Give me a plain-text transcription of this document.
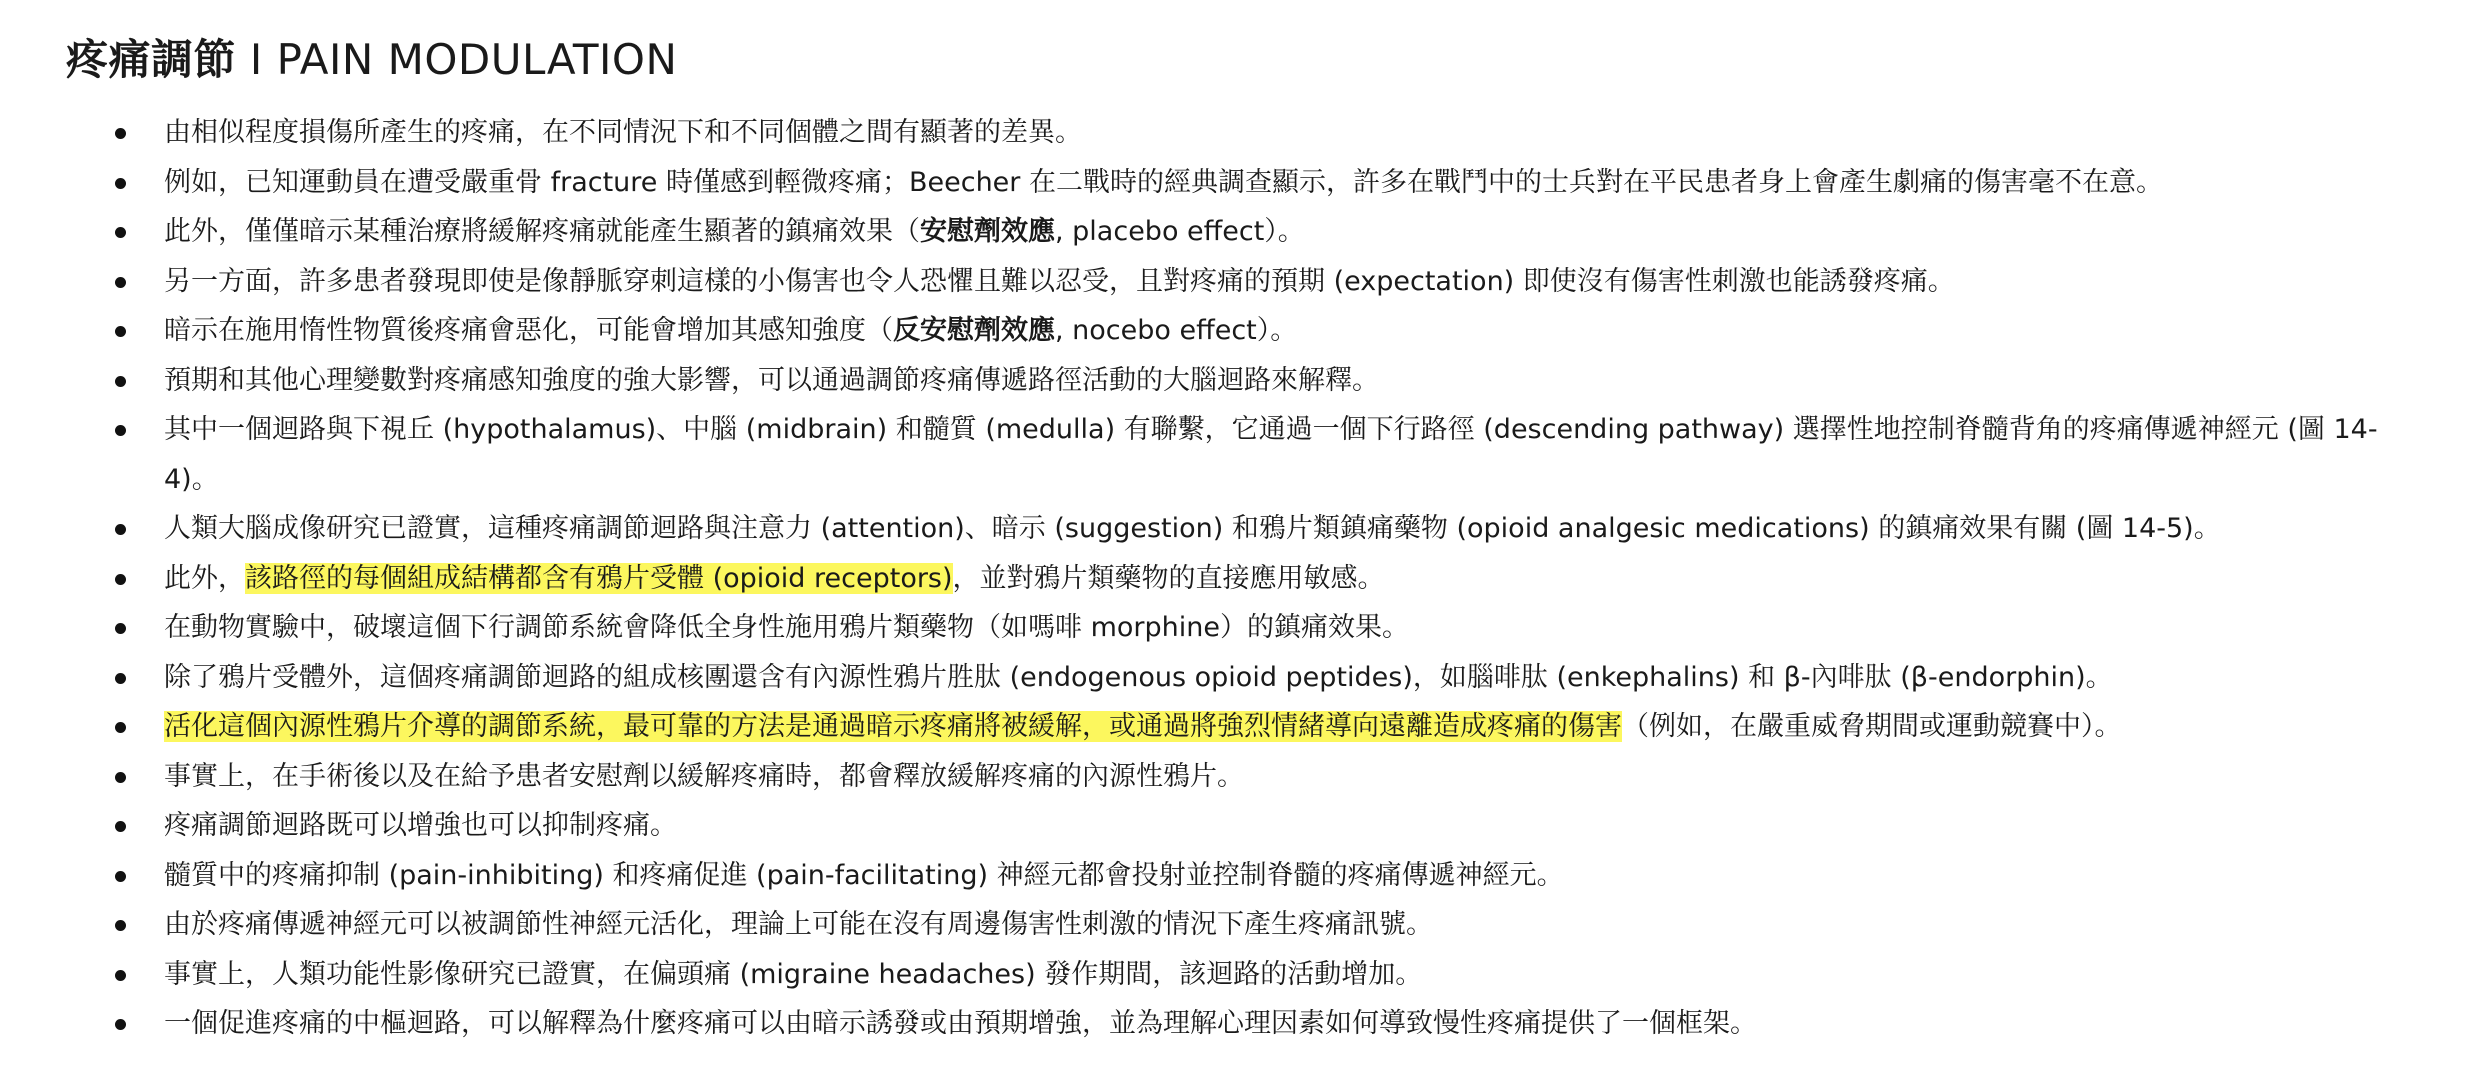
疼痛調節 I PAIN MODULATION
由相似程度損傷所產生的疼痛，在不同情況下和不同個體之間有顯著的差異。
例如，已知運動員在遭受嚴重骨 fracture 時僅感到輕微疼痛；Beecher 在二戰時的經典調查顯示，許多在戰鬥中的士兵對在平民患者身上會產生劇痛的傷害毫不在意。
此外，僅僅暗示某種治療將緩解疼痛就能產生顯著的鎮痛效果（安慰劑效應, placebo effect）。
另一方面，許多患者發現即使是像靜脈穿刺這樣的小傷害也令人恐懼且難以忍受，且對疼痛的預期 (expectation) 即使沒有傷害性刺激也能誘發疼痛。
暗示在施用惰性物質後疼痛會惡化，可能會增加其感知強度（反安慰劑效應, nocebo effect）。
預期和其他心理變數對疼痛感知強度的強大影響，可以通過調節疼痛傳遞路徑活動的大腦迴路來解釋。
其中一個迴路與下視丘 (hypothalamus)、中腦 (midbrain) 和髓質 (medulla) 有聯繫，它通過一個下行路徑 (descending pathway) 選擇性地控制脊髓背角的疼痛傳遞神經元 (圖 14-4)。
人類大腦成像研究已證實，這種疼痛調節迴路與注意力 (attention)、暗示 (suggestion) 和鴉片類鎮痛藥物 (opioid analgesic medications) 的鎮痛效果有關 (圖 14-5)。
此外，該路徑的每個組成結構都含有鴉片受體 (opioid receptors)，並對鴉片類藥物的直接應用敏感。
在動物實驗中，破壞這個下行調節系統會降低全身性施用鴉片類藥物（如嗎啡 morphine）的鎮痛效果。
除了鴉片受體外，這個疼痛調節迴路的組成核團還含有內源性鴉片胜肽 (endogenous opioid peptides)，如腦啡肽 (enkephalins) 和 β-內啡肽 (β-endorphin)。
活化這個內源性鴉片介導的調節系統，最可靠的方法是通過暗示疼痛將被緩解，或通過將強烈情緒導向遠離造成疼痛的傷害（例如，在嚴重威脅期間或運動競賽中）。
事實上，在手術後以及在給予患者安慰劑以緩解疼痛時，都會釋放緩解疼痛的內源性鴉片。
疼痛調節迴路既可以增強也可以抑制疼痛。
髓質中的疼痛抑制 (pain-inhibiting) 和疼痛促進 (pain-facilitating) 神經元都會投射並控制脊髓的疼痛傳遞神經元。
由於疼痛傳遞神經元可以被調節性神經元活化，理論上可能在沒有周邊傷害性刺激的情況下產生疼痛訊號。
事實上，人類功能性影像研究已證實，在偏頭痛 (migraine headaches) 發作期間，該迴路的活動增加。
一個促進疼痛的中樞迴路，可以解釋為什麼疼痛可以由暗示誘發或由預期增強，並為理解心理因素如何導致慢性疼痛提供了一個框架。
